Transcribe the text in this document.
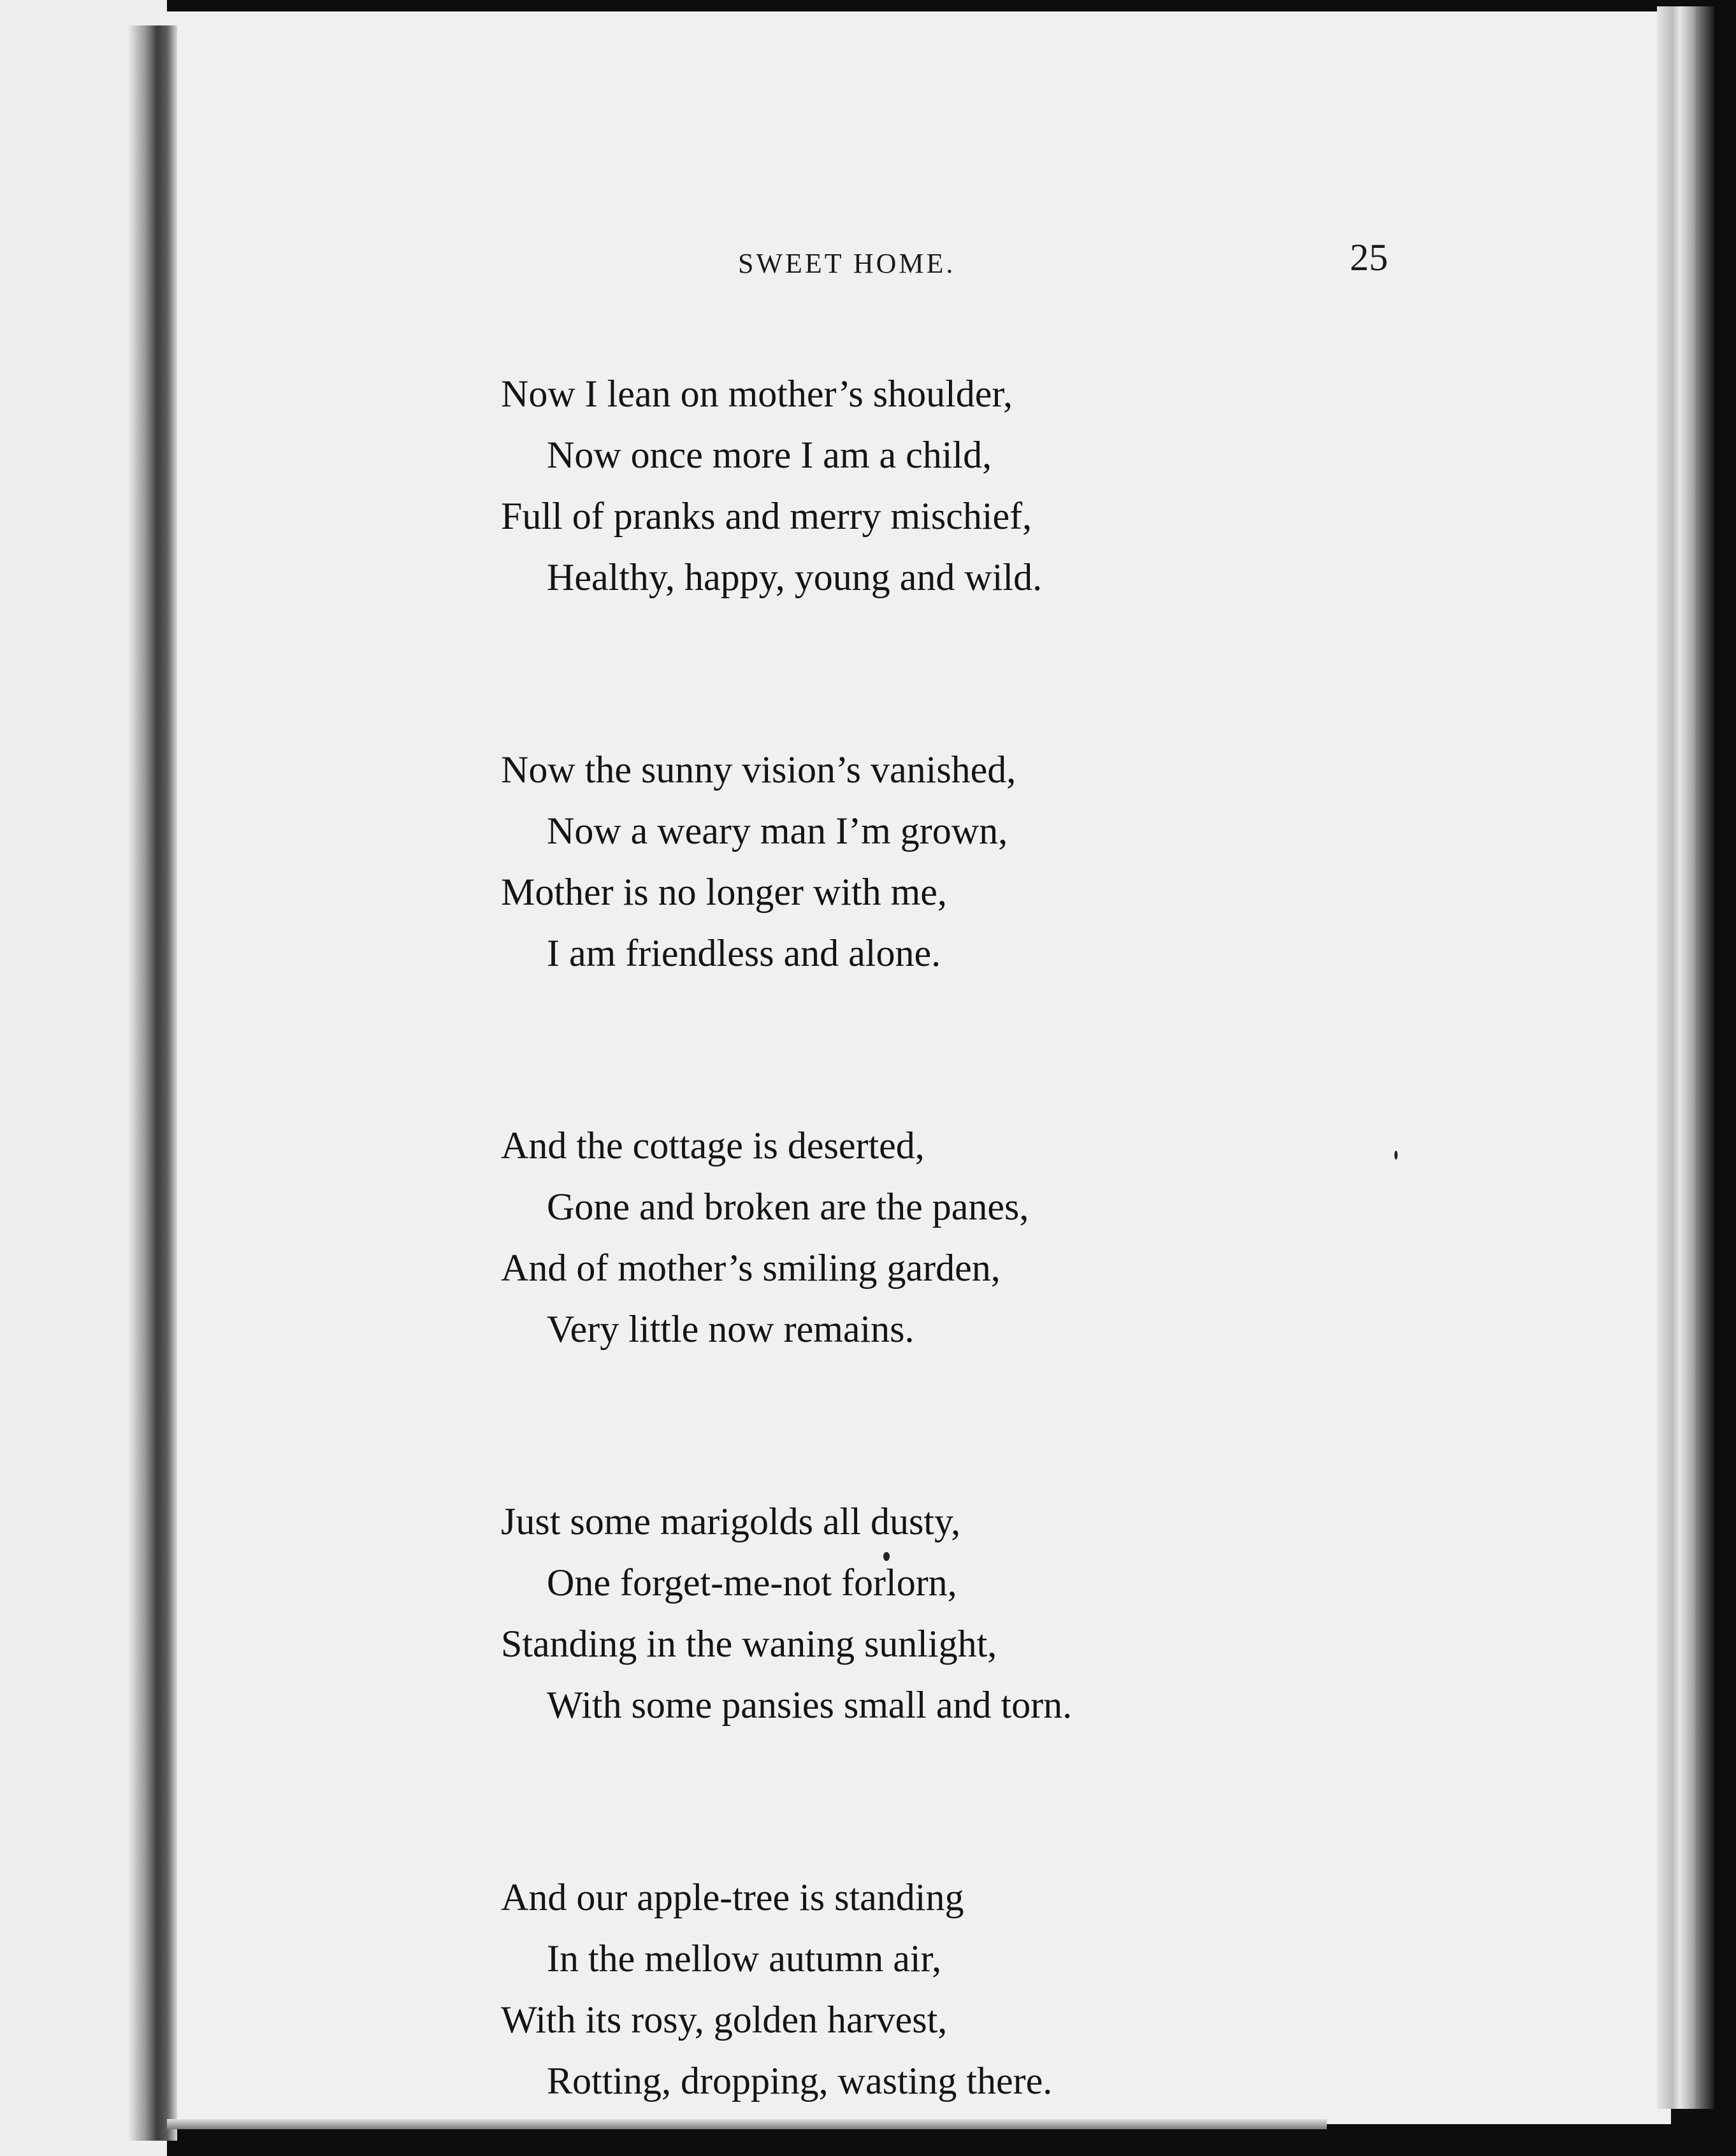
SWEET HOME.	25
Now I lean on mother’s shoulder,
Now once more I am a child,
Full of pranks and merry mischief,
Healthy, happy, young and wild.
Now the sunny vision’s vanished,
Now a weary man I’m grown,
Mother is no longer with me,
I am friendless and alone.
And the cottage is deserted,
Gone and broken are the panes,
And of mother’s smiling garden,
Very little now remains.
Just some marigolds all dusty,
One forget-me-not forlorn,
Standing in the waning sunlight,
With some pansies small and torn.
And our apple-tree is standing
In the mellow autumn air,
With its rosy, golden harvest,
Rotting, dropping, wasting there.
